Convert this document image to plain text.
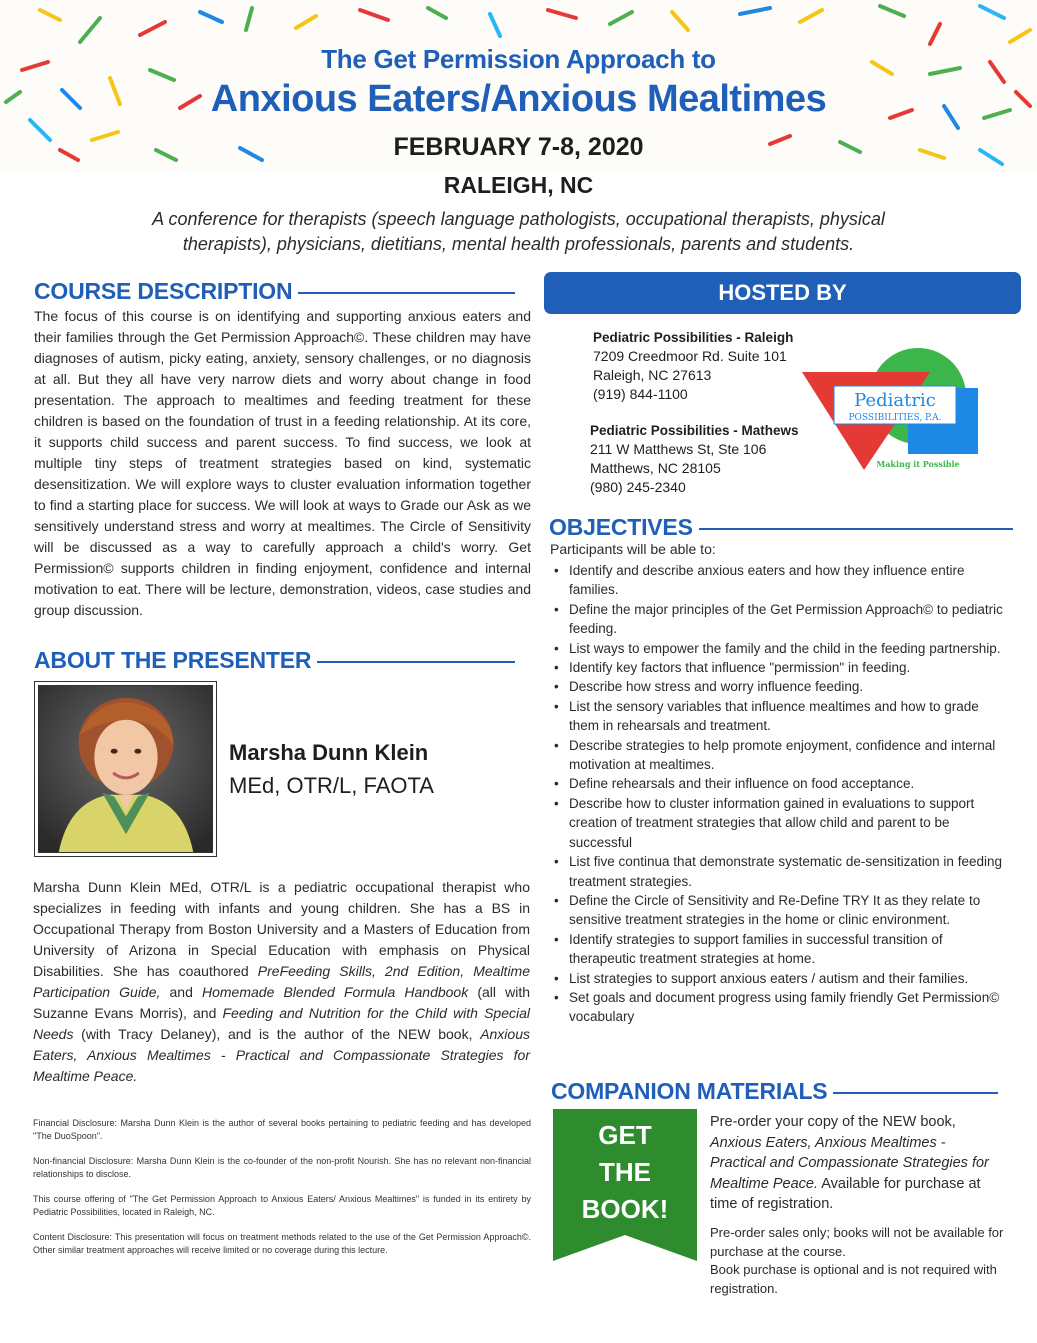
The Get Permission Approach to
Anxious Eaters/Anxious Mealtimes
FEBRUARY 7-8, 2020
RALEIGH, NC
A conference for therapists (speech language pathologists, occupational therapists, physical therapists), physicians, dietitians, mental health professionals, parents and students.
COURSE DESCRIPTION
The focus of this course is on identifying and supporting anxious eaters and their families through the Get Permission Approach©. These children may have diagnoses of autism, picky eating, anxiety, sensory challenges, or no diagnosis at all. But they all have very narrow diets and worry about change in food presentation. The approach to mealtimes and feeding treatment for these children is based on the foundation of trust in a feeding relationship. At its core, it supports child success and parent success. To find success, we look at multiple tiny steps of treatment strategies based on kind, systematic desensitization. We will explore ways to cluster evaluation information together to find a starting place for success. We will look at ways to Grade our Ask as we sensitively understand stress and worry at mealtimes. The Circle of Sensitivity will be discussed as a way to carefully approach a child's worry. Get Permission© supports children in finding enjoyment, confidence and internal motivation to eat. There will be lecture, demonstration, videos, case studies and group discussion.
ABOUT THE PRESENTER
Marsha Dunn Klein
MEd, OTR/L, FAOTA
Marsha Dunn Klein MEd, OTR/L is a pediatric occupational therapist who specializes in feeding with infants and young children. She has a BS in Occupational Therapy from Boston University and a Masters of Education from University of Arizona in Special Education with emphasis on Physical Disabilities. She has coauthored PreFeeding Skills, 2nd Edition, Mealtime Participation Guide, and Homemade Blended Formula Handbook (all with Suzanne Evans Morris), and Feeding and Nutrition for the Child with Special Needs (with Tracy Delaney), and is the author of the NEW book, Anxious Eaters, Anxious Mealtimes - Practical and Compassionate Strategies for Mealtime Peace.

Financial Disclosure: Marsha Dunn Klein is the author of several books pertaining to pediatric feeding and has developed "The DuoSpoon".

Non-financial Disclosure: Marsha Dunn Klein is the co-founder of the non-profit Nourish. She has no relevant non-financial relationships to disclose.

This course offering of "The Get Permission Approach to Anxious Eaters/ Anxious Mealtimes" is funded in its entirety by Pediatric Possibilities, located in Raleigh, NC.

Content Disclosure: This presentation will focus on treatment methods related to the use of the Get Permission Approach©. Other similar treatment approaches will receive limited or no coverage during this lecture.

HOSTED BY
Pediatric Possibilities - Raleigh
7209 Creedmoor Rd. Suite 101
Raleigh, NC 27613
(919) 844-1100
Pediatric Possibilities - Mathews
211 W Matthews St, Ste 106
Matthews, NC 28105
(980) 245-2340
Pediatric
POSSIBILITIES, P.A.
Making it Possible
OBJECTIVES
Participants will be able to:
• Identify and describe anxious eaters and how they influence entire families.
• Define the major principles of the Get Permission Approach© to pediatric feeding.
• List ways to empower the family and the child in the feeding partnership.
• Identify key factors that influence "permission" in feeding.
• Describe how stress and worry influence feeding.
• List the sensory variables that influence mealtimes and how to grade them in rehearsals and treatment.
• Describe strategies to help promote enjoyment, confidence and internal motivation at mealtimes.
• Define rehearsals and their influence on food acceptance.
• Describe how to cluster information gained in evaluations to support creation of treatment strategies that allow child and parent to be successful
• List five continua that demonstrate systematic de-sensitization in feeding treatment strategies.
• Define the Circle of Sensitivity and Re-Define TRY It as they relate to sensitive treatment strategies in the home or clinic environment.
• Identify strategies to support families in successful transition of therapeutic treatment strategies at home.
• List strategies to support anxious eaters / autism and their families.
• Set goals and document progress using family friendly Get Permission© vocabulary
COMPANION MATERIALS
GET
THE
BOOK!
Pre-order your copy of the NEW book, Anxious Eaters, Anxious Mealtimes - Practical and Compassionate Strategies for Mealtime Peace. Available for purchase at time of registration.
Pre-order sales only; books will not be available for purchase at the course.
Book purchase is optional and is not required with registration.
